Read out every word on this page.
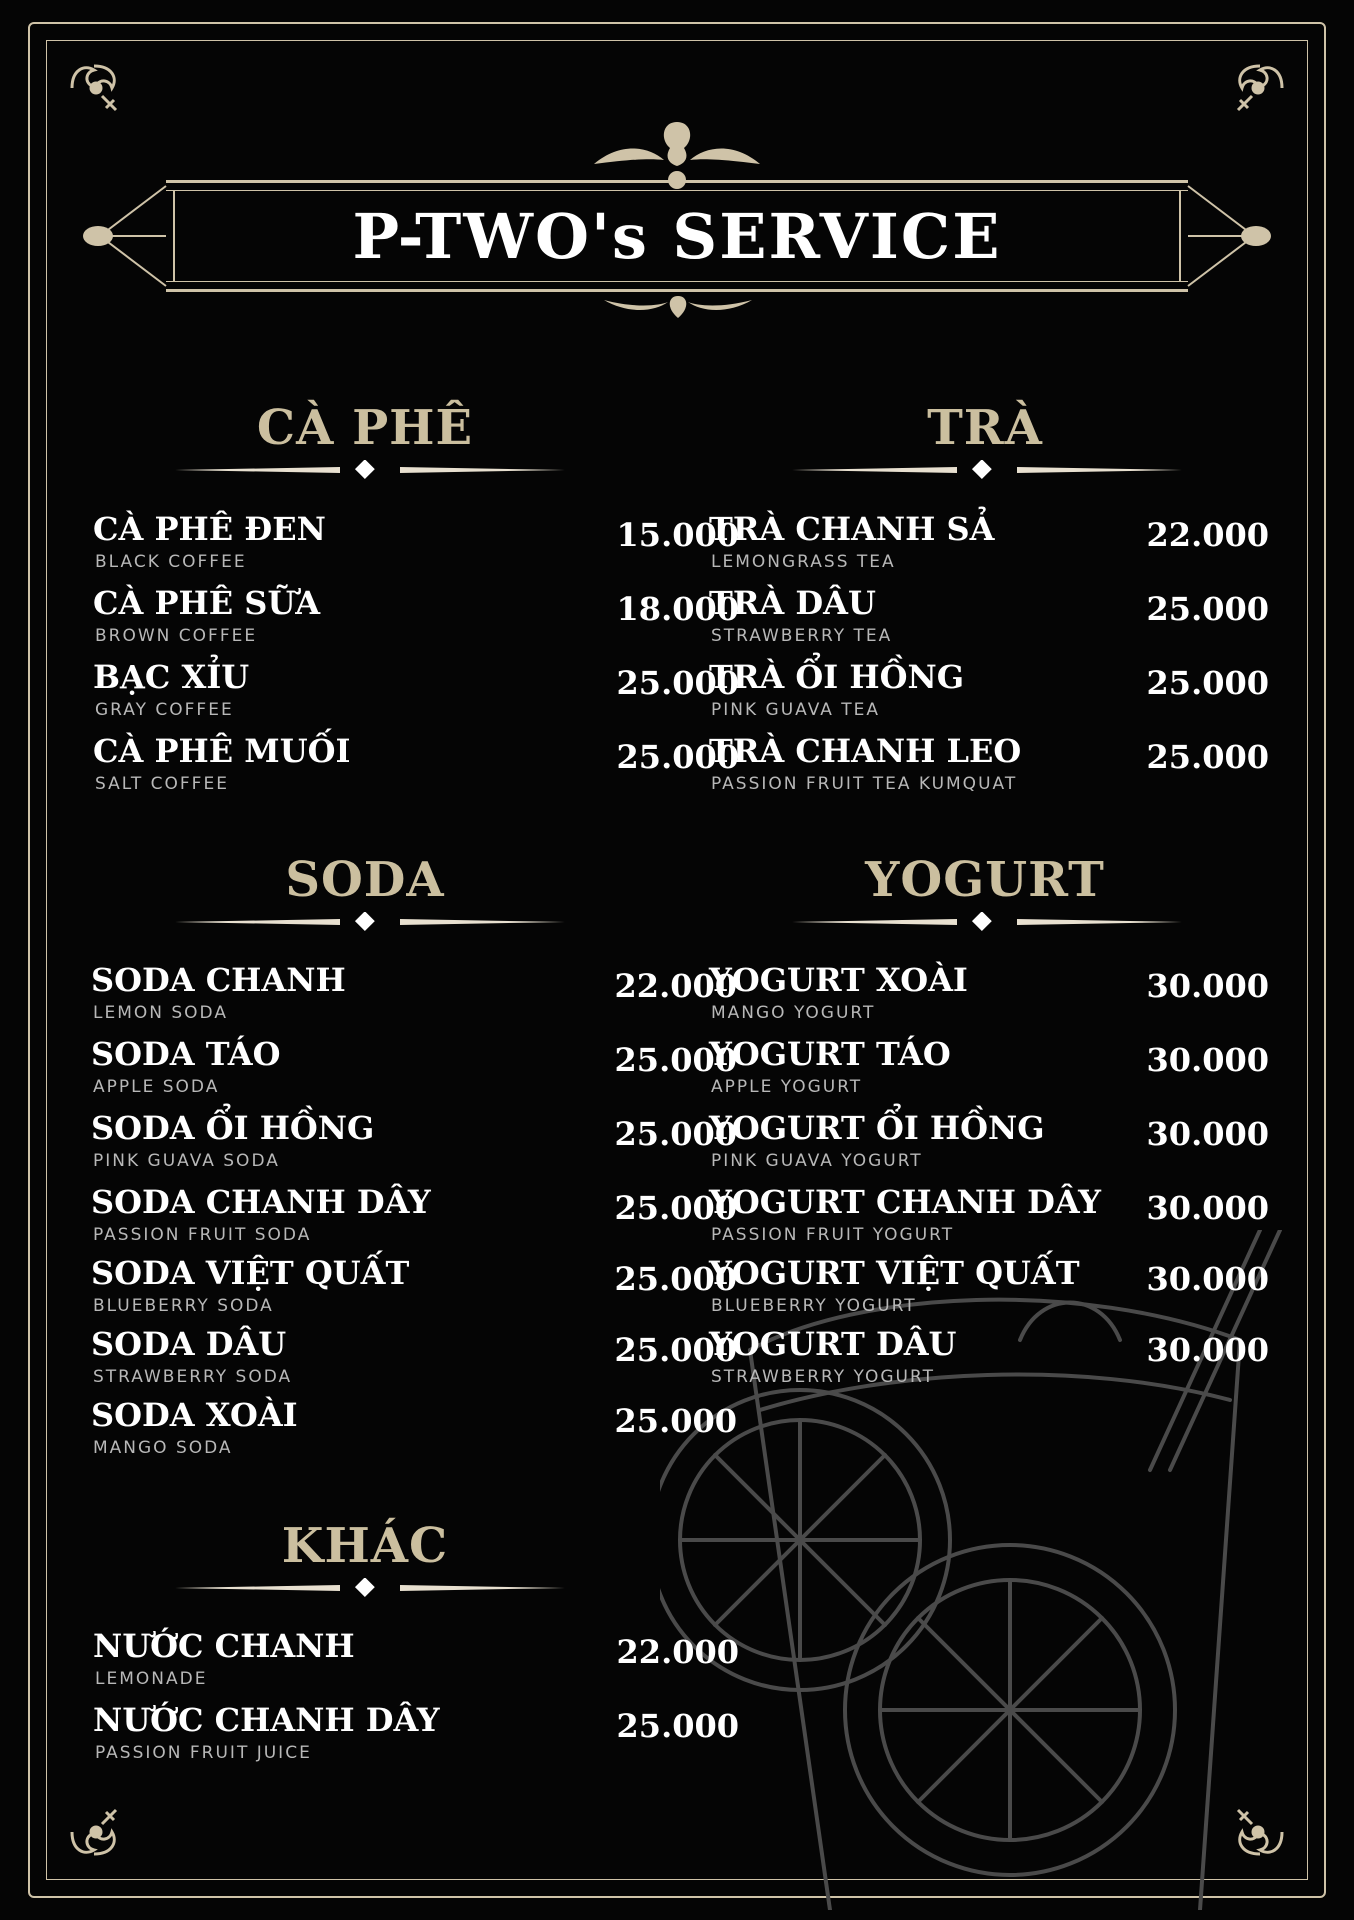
P-TWO's SERVICE
CÀ PHÊ	TRÀ
SODA	YOGURT
KHÁC
CÀ PHÊ ĐEN
BLACK COFFEE
15.000
CÀ PHÊ SỮA
BROWN COFFEE
18.000
BẠC XỈU
GRAY COFFEE
25.000
CÀ PHÊ MUỐI
SALT COFFEE
25.000
TRÀ CHANH SẢ
LEMONGRASS TEA
22.000
TRÀ DÂU
STRAWBERRY TEA
25.000
TRÀ ỔI HỒNG
PINK GUAVA TEA
25.000
TRÀ CHANH LEO
PASSION FRUIT TEA KUMQUAT
25.000
SODA CHANH
LEMON SODA
22.000
SODA TÁO
APPLE SODA
25.000
SODA ỔI HỒNG
PINK GUAVA SODA
25.000
SODA CHANH DÂY
PASSION FRUIT SODA
25.000
SODA VIỆT QUẤT
BLUEBERRY SODA
25.000
SODA DÂU
STRAWBERRY SODA
25.000
SODA XOÀI
MANGO SODA
25.000
YOGURT XOÀI
MANGO YOGURT
30.000
YOGURT TÁO
APPLE YOGURT
30.000
YOGURT ỔI HỒNG
PINK GUAVA YOGURT
30.000
YOGURT CHANH DÂY
PASSION FRUIT YOGURT
30.000
YOGURT VIỆT QUẤT
BLUEBERRY YOGURT
30.000
YOGURT DÂU
STRAWBERRY YOGURT
30.000
NƯỚC CHANH
LEMONADE
22.000
NƯỚC CHANH DÂY
PASSION FRUIT JUICE
25.000
